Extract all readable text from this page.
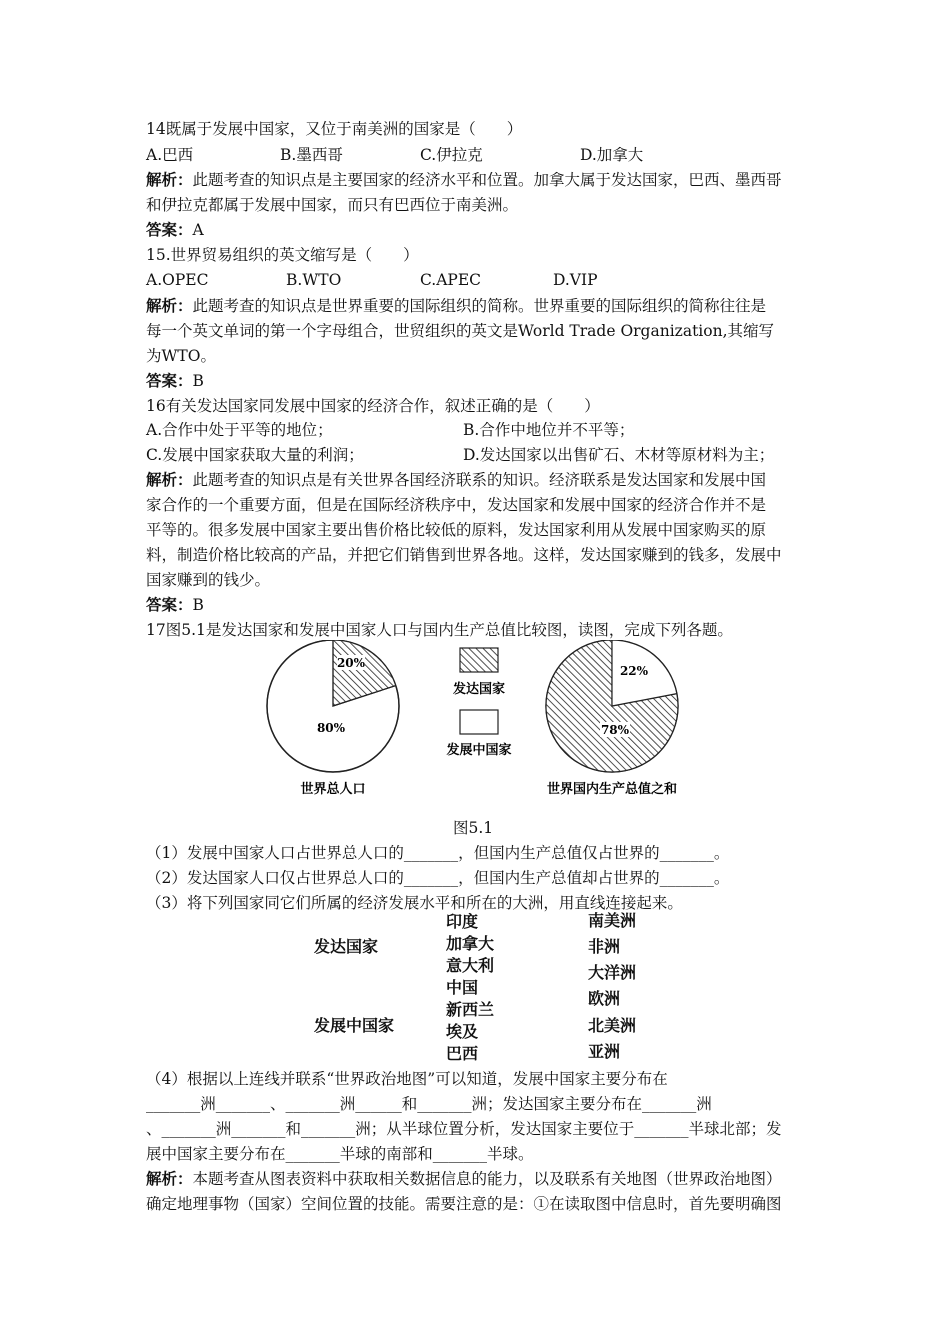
14既属于发展中国家，又位于南美洲的国家是（　　）
A.巴西	B.墨西哥	C.伊拉克	D.加拿大
解析：此题考查的知识点是主要国家的经济水平和位置。加拿大属于发达国家，巴西、墨西哥
和伊拉克都属于发展中国家，而只有巴西位于南美洲。
答案：A
15.世界贸易组织的英文缩写是（　　）
A.OPEC	B.WTO	C.APEC	D.VIP
解析：此题考查的知识点是世界重要的国际组织的简称。世界重要的国际组织的简称往往是
每一个英文单词的第一个字母组合，世贸组织的英文是World Trade Organization,其缩写
为WTO。
答案：B
16有关发达国家同发展中国家的经济合作，叙述正确的是（　　）
A.合作中处于平等的地位；	B.合作中地位并不平等；
C.发展中国家获取大量的利润；	D.发达国家以出售矿石、木材等原材料为主；
解析：此题考查的知识点是有关世界各国经济联系的知识。经济联系是发达国家和发展中国
家合作的一个重要方面，但是在国际经济秩序中，发达国家和发展中国家的经济合作并不是
平等的。很多发展中国家主要出售价格比较低的原料，发达国家利用从发展中国家购买的原
料，制造价格比较高的产品，并把它们销售到世界各地。这样，发达国家赚到的钱多，发展中
国家赚到的钱少。
答案：B
17图5.1是发达国家和发展中国家人口与国内生产总值比较图，读图，完成下列各题。
20%
80%
世界总人口
发达国家
发展中国家
22%
78%
世界国内生产总值之和
图5.1
（1）发展中国家人口占世界总人口的_______，但国内生产总值仅占世界的_______。
（2）发达国家人口仅占世界总人口的_______，但国内生产总值却占世界的_______。
（3）将下列国家同它们所属的经济发展水平和所在的大洲，用直线连接起来。
发达国家
发展中国家
印度
加拿大
意大利
中国
新西兰
埃及
巴西
南美洲
非洲
大洋洲
欧洲
北美洲
亚洲
（4）根据以上连线并联系“世界政治地图”可以知道，发展中国家主要分布在
_______洲_______、_______洲______和_______洲；发达国家主要分布在_______洲
、_______洲_______和_______洲；从半球位置分析，发达国家主要位于_______半球北部；发
展中国家主要分布在_______半球的南部和_______半球。
解析：本题考查从图表资料中获取相关数据信息的能力，以及联系有关地图（世界政治地图）
确定地理事物（国家）空间位置的技能。需要注意的是：①在读取图中信息时，首先要明确图
